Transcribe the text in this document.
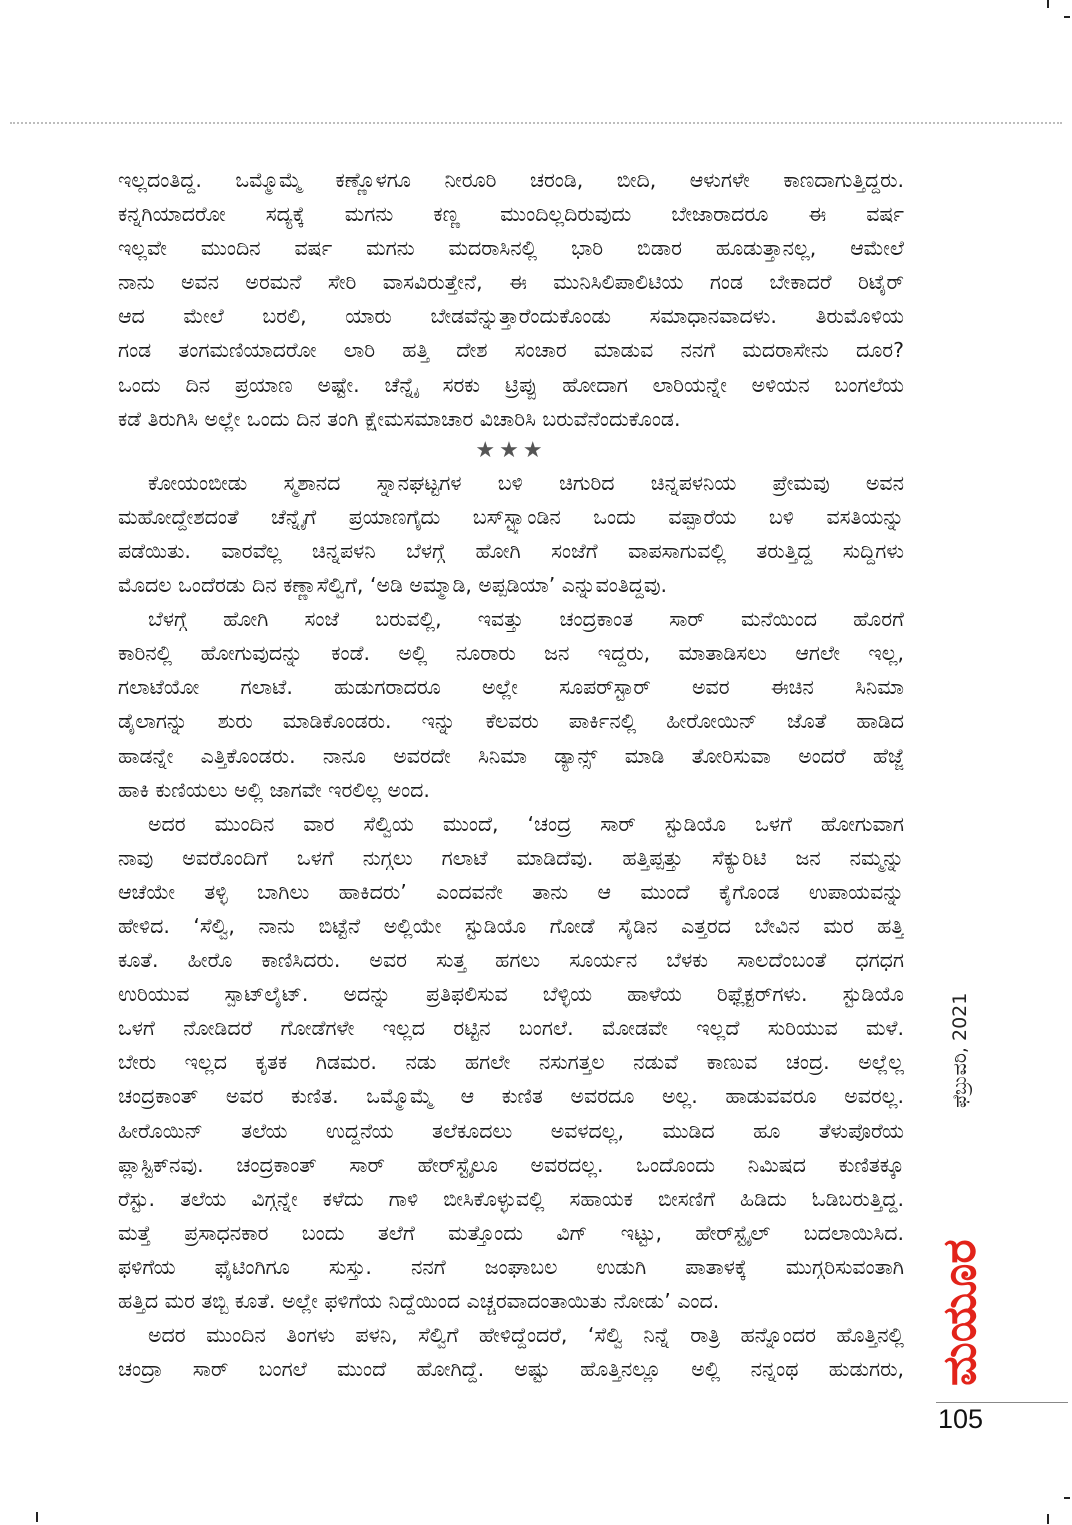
ಇಲ್ಲದಂತಿದ್ದ. ಒಮ್ಮೊಮ್ಮೆ ಕಣ್ಣೊಳಗೂ ನೀರೂರಿ ಚರಂಡಿ, ಬೀದಿ, ಆಳುಗಳೇ ಕಾಣದಾಗುತ್ತಿದ್ದರು.
ಕನ್ನಗಿಯಾದರೋ ಸದ್ಯಕ್ಕೆ ಮಗನು ಕಣ್ಣ ಮುಂದಿಲ್ಲದಿರುವುದು ಬೇಜಾರಾದರೂ ಈ ವರ್ಷ
ಇಲ್ಲವೇ ಮುಂದಿನ ವರ್ಷ ಮಗನು ಮದರಾಸಿನಲ್ಲಿ ಭಾರಿ ಬಿಡಾರ ಹೂಡುತ್ತಾನಲ್ಲ, ಆಮೇಲೆ
ನಾನು ಅವನ ಅರಮನೆ ಸೇರಿ ವಾಸವಿರುತ್ತೇನೆ, ಈ ಮುನಿಸಿಲಿಪಾಲಿಟಿಯ ಗಂಡ ಬೇಕಾದರೆ ರಿಟೈರ್
ಆದ ಮೇಲೆ ಬರಲಿ, ಯಾರು ಬೇಡವೆನ್ನುತ್ತಾರೆಂದುಕೊಂಡು ಸಮಾಧಾನವಾದಳು. ತಿರುಮೊಳಿಯ
ಗಂಡ ತಂಗಮಣಿಯಾದರೋ ಲಾರಿ ಹತ್ತಿ ದೇಶ ಸಂಚಾರ ಮಾಡುವ ನನಗೆ ಮದರಾಸೇನು ದೂರ?
ಒಂದು ದಿನ ಪ್ರಯಾಣ ಅಷ್ಟೇ. ಚೆನ್ನೈ ಸರಕು ಟ್ರಿಪ್ಪು ಹೋದಾಗ ಲಾರಿಯನ್ನೇ ಅಳಿಯನ ಬಂಗಲೆಯ
ಕಡೆ ತಿರುಗಿಸಿ ಅಲ್ಲೇ ಒಂದು ದಿನ ತಂಗಿ ಕ್ಷೇಮಸಮಾಚಾರ ವಿಚಾರಿಸಿ ಬರುವೆನೆಂದುಕೊಂಡ.
★★★
ಕೋಯಂಬೀಡು ಸ್ಮಶಾನದ ಸ್ನಾನಘಟ್ಟಗಳ ಬಳಿ ಚಿಗುರಿದ ಚಿನ್ನಪಳನಿಯ ಪ್ರೇಮವು ಅವನ
ಮಹೋದ್ದೇಶದಂತೆ ಚೆನ್ನೈಗೆ ಪ್ರಯಾಣಗೈದು ಬಸ್‌ಸ್ಟ್ಯಾಂಡಿನ ಒಂದು ವಪ್ಪಾರೆಯ ಬಳಿ ವಸತಿಯನ್ನು
ಪಡೆಯಿತು. ವಾರವೆಲ್ಲ ಚಿನ್ನಪಳನಿ ಬೆಳಗ್ಗೆ ಹೋಗಿ ಸಂಜೆಗೆ ವಾಪಸಾಗುವಲ್ಲಿ ತರುತ್ತಿದ್ದ ಸುದ್ದಿಗಳು
ಮೊದಲ ಒಂದೆರಡು ದಿನ ಕಣ್ಣಾಸೆಲ್ವಿಗೆ, ‘ಅಡಿ ಅಮ್ಮಾಡಿ, ಅಪ್ಪಡಿಯಾ’ ಎನ್ನುವಂತಿದ್ದವು.
ಬೆಳಗ್ಗೆ ಹೋಗಿ ಸಂಜೆ ಬರುವಲ್ಲಿ, ಇವತ್ತು ಚಂದ್ರಕಾಂತ ಸಾರ್ ಮನೆಯಿಂದ ಹೊರಗೆ
ಕಾರಿನಲ್ಲಿ ಹೋಗುವುದನ್ನು ಕಂಡೆ. ಅಲ್ಲಿ ನೂರಾರು ಜನ ಇದ್ದರು, ಮಾತಾಡಿಸಲು ಆಗಲೇ ಇಲ್ಲ,
ಗಲಾಟೆಯೋ ಗಲಾಟೆ. ಹುಡುಗರಾದರೂ ಅಲ್ಲೇ ಸೂಪರ್‌ಸ್ಟಾರ್ ಅವರ ಈಚಿನ ಸಿನಿಮಾ
ಡೈಲಾಗನ್ನು ಶುರು ಮಾಡಿಕೊಂಡರು. ಇನ್ನು ಕೆಲವರು ಪಾರ್ಕಿನಲ್ಲಿ ಹೀರೋಯಿನ್ ಜೊತೆ ಹಾಡಿದ
ಹಾಡನ್ನೇ ಎತ್ತಿಕೊಂಡರು. ನಾನೂ ಅವರದೇ ಸಿನಿಮಾ ಡ್ಯಾನ್ಸ್ ಮಾಡಿ ತೋರಿಸುವಾ ಅಂದರೆ ಹೆಜ್ಜೆ
ಹಾಕಿ ಕುಣಿಯಲು ಅಲ್ಲಿ ಜಾಗವೇ ಇರಲಿಲ್ಲ ಅಂದ.
ಅದರ ಮುಂದಿನ ವಾರ ಸೆಲ್ವಿಯ ಮುಂದೆ, ‘ಚಂದ್ರ ಸಾರ್ ಸ್ಟುಡಿಯೊ ಒಳಗೆ ಹೋಗುವಾಗ
ನಾವು ಅವರೊಂದಿಗೆ ಒಳಗೆ ನುಗ್ಗಲು ಗಲಾಟೆ ಮಾಡಿದೆವು. ಹತ್ತಿಪ್ಪತ್ತು ಸೆಕ್ಯುರಿಟಿ ಜನ ನಮ್ಮನ್ನು
ಆಚೆಯೇ ತಳ್ಳಿ ಬಾಗಿಲು ಹಾಕಿದರು’ ಎಂದವನೇ ತಾನು ಆ ಮುಂದೆ ಕೈಗೊಂಡ ಉಪಾಯವನ್ನು
ಹೇಳಿದ. ‘ಸೆಲ್ವಿ, ನಾನು ಬಿಟ್ಟೆನೆ ಅಲ್ಲಿಯೇ ಸ್ಟುಡಿಯೊ ಗೋಡೆ ಸೈಡಿನ ಎತ್ತರದ ಬೇವಿನ ಮರ ಹತ್ತಿ
ಕೂತೆ. ಹೀರೊ ಕಾಣಿಸಿದರು. ಅವರ ಸುತ್ತ ಹಗಲು ಸೂರ್ಯನ ಬೆಳಕು ಸಾಲದೆಂಬಂತೆ ಧಗಧಗ
ಉರಿಯುವ ಸ್ಪಾಟ್‌ಲೈಟ್. ಅದನ್ನು ಪ್ರತಿಫಲಿಸುವ ಬೆಳ್ಳಿಯ ಹಾಳೆಯ ರಿಫ್ಲೆಕ್ಟರ್‌ಗಳು. ಸ್ಟುಡಿಯೊ
ಒಳಗೆ ನೋಡಿದರೆ ಗೋಡೆಗಳೇ ಇಲ್ಲದ ರಟ್ಟಿನ ಬಂಗಲೆ. ಮೋಡವೇ ಇಲ್ಲದೆ ಸುರಿಯುವ ಮಳೆ.
ಬೇರು ಇಲ್ಲದ ಕೃತಕ ಗಿಡಮರ. ನಡು ಹಗಲೇ ನಸುಗತ್ತಲ ನಡುವೆ ಕಾಣುವ ಚಂದ್ರ. ಅಲ್ಲೆಲ್ಲ
ಚಂದ್ರಕಾಂತ್ ಅವರ ಕುಣಿತ. ಒಮ್ಮೊಮ್ಮೆ ಆ ಕುಣಿತ ಅವರದೂ ಅಲ್ಲ. ಹಾಡುವವರೂ ಅವರಲ್ಲ.
ಹೀರೊಯಿನ್ ತಲೆಯ ಉದ್ದನೆಯ ತಲೆಕೂದಲು ಅವಳದಲ್ಲ, ಮುಡಿದ ಹೂ ತೆಳುಪೊರೆಯ
ಪ್ಲಾಸ್ಟಿಕ್‌ನವು. ಚಂದ್ರಕಾಂತ್ ಸಾರ್ ಹೇರ್‌ಸ್ಟೈಲೂ ಅವರದಲ್ಲ. ಒಂದೊಂದು ನಿಮಿಷದ ಕುಣಿತಕ್ಕೂ
ರೆಸ್ಟು. ತಲೆಯ ವಿಗ್ಗನ್ನೇ ಕಳೆದು ಗಾಳಿ ಬೀಸಿಕೊಳ್ಳುವಲ್ಲಿ ಸಹಾಯಕ ಬೀಸಣಿಗೆ ಹಿಡಿದು ಓಡಿಬರುತ್ತಿದ್ದ.
ಮತ್ತೆ ಪ್ರಸಾಧನಕಾರ ಬಂದು ತಲೆಗೆ ಮತ್ತೊಂದು ವಿಗ್ ಇಟ್ಟು, ಹೇರ್‌ಸ್ಟೈಲ್ ಬದಲಾಯಿಸಿದ.
ಫಳಿಗೆಯ ಫೈಟಿಂಗಿಗೂ ಸುಸ್ತು. ನನಗೆ ಜಂಘಾಬಲ ಉಡುಗಿ ಪಾತಾಳಕ್ಕೆ ಮುಗ್ಗರಿಸುವಂತಾಗಿ
ಹತ್ತಿದ ಮರ ತಬ್ಬಿ ಕೂತೆ. ಅಲ್ಲೇ ಫಳಿಗೆಯ ನಿದ್ದೆಯಿಂದ ಎಚ್ಚರವಾದಂತಾಯಿತು ನೋಡು’ ಎಂದ.
ಅದರ ಮುಂದಿನ ತಿಂಗಳು ಪಳನಿ, ಸೆಲ್ವಿಗೆ ಹೇಳಿದ್ದೆಂದರೆ, ‘ಸೆಲ್ವಿ ನಿನ್ನೆ ರಾತ್ರಿ ಹನ್ನೊಂದರ ಹೊತ್ತಿನಲ್ಲಿ
ಚಂದ್ರಾ ಸಾರ್ ಬಂಗಲೆ ಮುಂದೆ ಹೋಗಿದ್ದೆ. ಅಷ್ಟು ಹೊತ್ತಿನಲ್ಲೂ ಅಲ್ಲಿ ನನ್ನಂಥ ಹುಡುಗರು,
ಫೆಬ್ರುವರಿ, 2021
ಮಯೂರ
105
